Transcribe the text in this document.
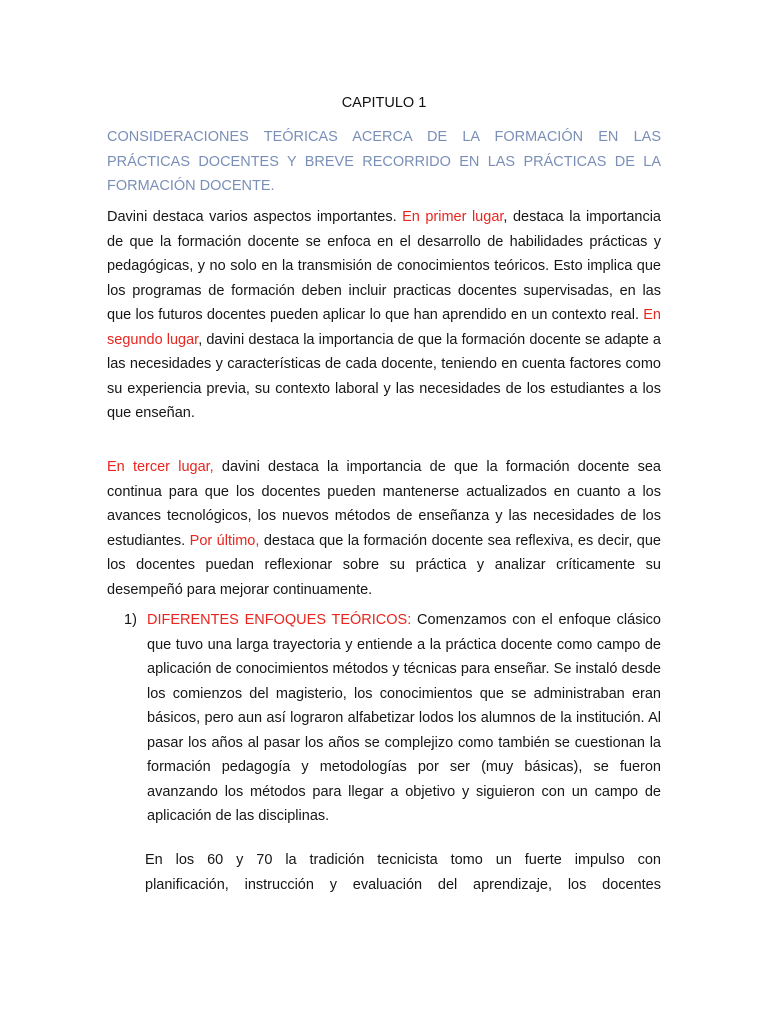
CAPITULO 1

CONSIDERACIONES TEÓRICAS ACERCA DE LA FORMACIÓN EN LAS PRÁCTICAS DOCENTES Y BREVE RECORRIDO EN LAS PRÁCTICAS DE LA FORMACIÓN DOCENTE.

Davini destaca varios aspectos importantes. En primer lugar, destaca la importancia de que la formación docente se enfoca en el desarrollo de habilidades prácticas y pedagógicas, y no solo en la transmisión de conocimientos teóricos. Esto implica que los programas de formación deben incluir practicas docentes supervisadas, en las que los futuros docentes pueden aplicar lo que han aprendido en un contexto real. En segundo lugar, davini destaca la importancia de que la formación docente se adapte a las necesidades y características de cada docente, teniendo en cuenta factores como su experiencia previa, su contexto laboral y las necesidades de los estudiantes a los que enseñan.

En tercer lugar, davini destaca la importancia de que la formación docente sea continua para que los docentes pueden mantenerse actualizados en cuanto a los avances tecnológicos, los nuevos métodos de enseñanza y las necesidades de los estudiantes. Por último, destaca que la formación docente sea reflexiva, es decir, que los docentes puedan reflexionar sobre su práctica y analizar críticamente su desempeñó para mejorar continuamente.

1) DIFERENTES ENFOQUES TEÓRICOS: Comenzamos con el enfoque clásico que tuvo una larga trayectoria y entiende a la práctica docente como campo de aplicación de conocimientos métodos y técnicas para enseñar. Se instaló desde los comienzos del magisterio, los conocimientos que se administraban eran básicos, pero aun así lograron alfabetizar lodos los alumnos de la institución. Al pasar los años al pasar los años se complejizo como también se cuestionan la formación pedagogía y metodologías por ser (muy básicas), se fueron avanzando los métodos para llegar a objetivo y siguieron con un campo de aplicación de las disciplinas.
En los 60 y 70 la tradición tecnicista tomo un fuerte impulso con
planificación, instrucción y evaluación del aprendizaje, los docentes
